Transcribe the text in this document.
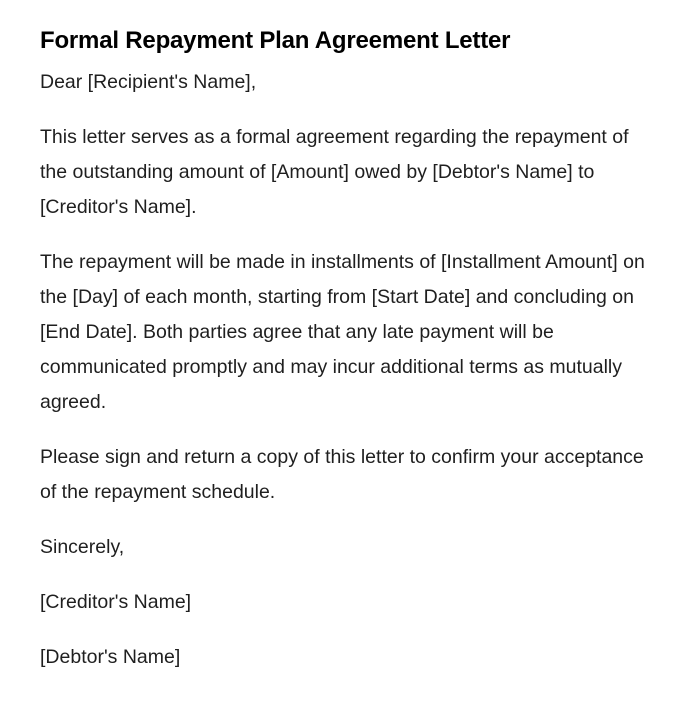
Formal Repayment Plan Agreement Letter

Dear [Recipient's Name],

This letter serves as a formal agreement regarding the repayment of the outstanding amount of [Amount] owed by [Debtor's Name] to [Creditor's Name].

The repayment will be made in installments of [Installment Amount] on the [Day] of each month, starting from [Start Date] and concluding on [End Date]. Both parties agree that any late payment will be communicated promptly and may incur additional terms as mutually agreed.

Please sign and return a copy of this letter to confirm your acceptance of the repayment schedule.

Sincerely,

[Creditor's Name]

[Debtor's Name]
